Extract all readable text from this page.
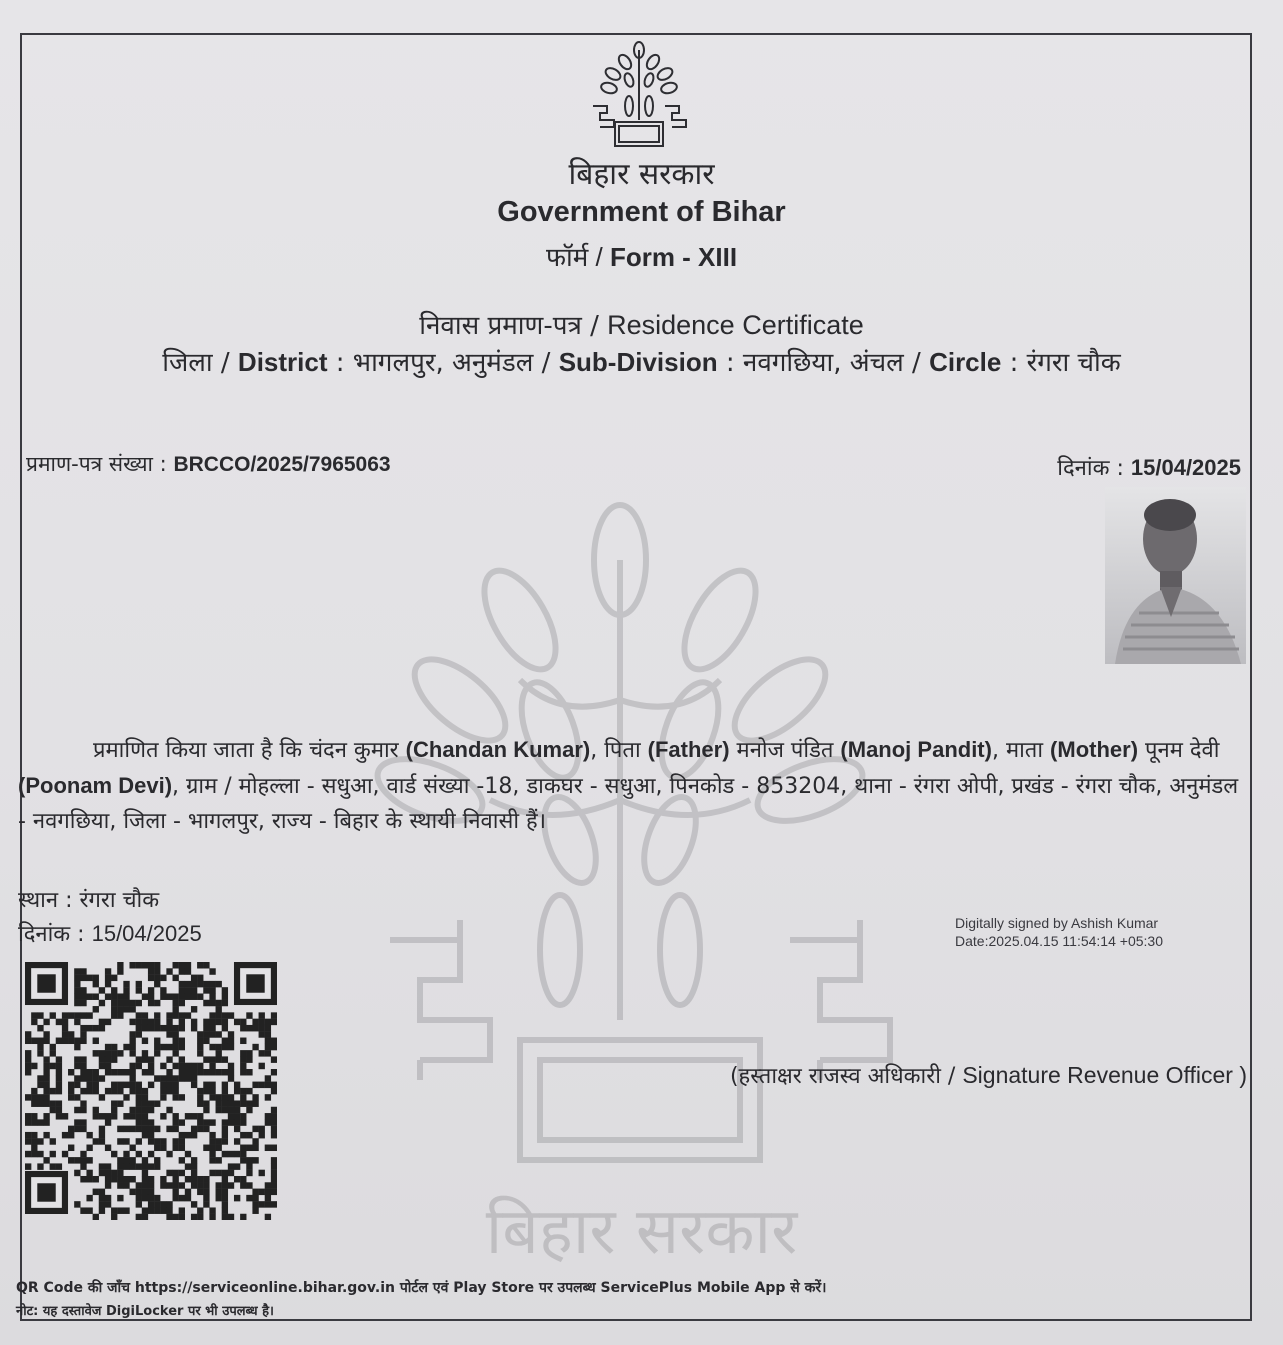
बिहार सरकार
बिहार सरकार
Government of Bihar
फॉर्म / Form - XIII
निवास प्रमाण-पत्र / Residence Certificate
जिला / District : भागलपुर, अनुमंडल / Sub-Division : नवगछिया, अंचल / Circle : रंगरा चौक
प्रमाण-पत्र संख्या : BRCCO/2025/7965063	दिनांक : 15/04/2025
प्रमाणित किया जाता है कि चंदन कुमार (Chandan Kumar), पिता (Father) मनोज पंडित (Manoj Pandit), माता (Mother) पूनम देवी (Poonam Devi), ग्राम / मोहल्ला - सधुआ, वार्ड संख्या -18, डाकघर - सधुआ, पिनकोड - 853204, थाना - रंगरा ओपी, प्रखंड - रंगरा चौक, अनुमंडल - नवगछिया, जिला - भागलपुर, राज्य - बिहार के स्थायी निवासी हैं।
स्थान : रंगरा चौक
दिनांक : 15/04/2025	Digitally signed by Ashish Kumar
Date:2025.04.15 11:54:14 +05:30
(हस्ताक्षर राजस्व अधिकारी / Signature Revenue Officer )
QR Code की जाँच https://serviceonline.bihar.gov.in पोर्टल एवं Play Store पर उपलब्ध ServicePlus Mobile App से करें।
नोट: यह दस्तावेज DigiLocker पर भी उपलब्ध है।
